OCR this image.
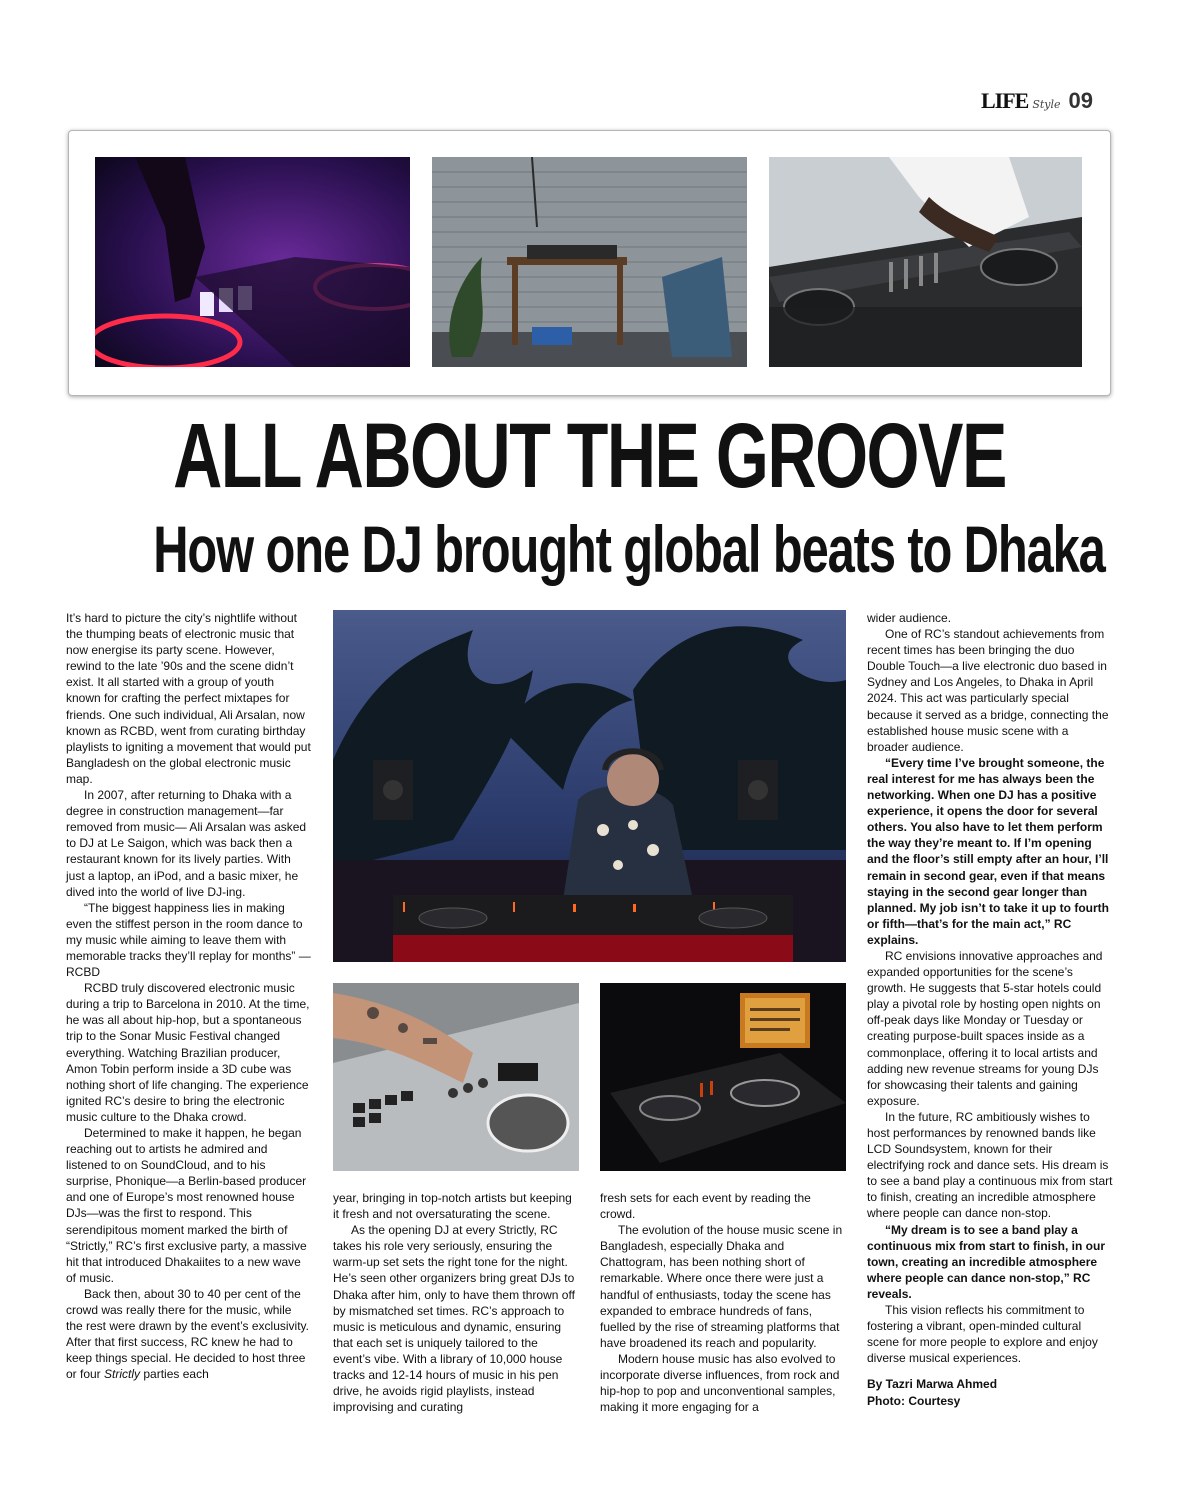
LIFE Style 09
ALL ABOUT THE GROOVE
How one DJ brought global beats to Dhaka

It’s hard to picture the city’s nightlife without the thumping beats of electronic music that now energise its party scene. However, rewind to the late ’90s and the scene didn’t exist. It all started with a group of youth known for crafting the perfect mixtapes for friends. One such individual, Ali Arsalan, now known as RCBD, went from curating birthday playlists to igniting a movement that would put Bangladesh on the global electronic music map.

In 2007, after returning to Dhaka with a degree in construction management—far removed from music— Ali Arsalan was asked to DJ at Le Saigon, which was back then a restaurant known for its lively parties. With just a laptop, an iPod, and a basic mixer, he dived into the world of live DJ-ing.

“The biggest happiness lies in making even the stiffest person in the room dance to my music while aiming to leave them with memorable tracks they’ll replay for months” — RCBD

RCBD truly discovered electronic music during a trip to Barcelona in 2010. At the time, he was all about hip-hop, but a spontaneous trip to the Sonar Music Festival changed everything. Watching Brazilian producer, Amon Tobin perform inside a 3D cube was nothing short of life changing. The experience ignited RC’s desire to bring the electronic music culture to the Dhaka crowd.

Determined to make it happen, he began reaching out to artists he admired and listened to on SoundCloud, and to his surprise, Phonique—a Berlin-based producer and one of Europe’s most renowned house DJs—was the first to respond. This serendipitous moment marked the birth of “Strictly,” RC’s first exclusive party, a massive hit that introduced Dhakaiites to a new wave of music.

Back then, about 30 to 40 per cent of the crowd was really there for the music, while the rest were drawn by the event’s exclusivity. After that first success, RC knew he had to keep things special. He decided to host three or four Strictly parties each

year, bringing in top-notch artists but keeping it fresh and not oversaturating the scene.

As the opening DJ at every Strictly, RC takes his role very seriously, ensuring the warm-up set sets the right tone for the night. He’s seen other organizers bring great DJs to Dhaka after him, only to have them thrown off by mismatched set times. RC’s approach to music is meticulous and dynamic, ensuring that each set is uniquely tailored to the event’s vibe. With a library of 10,000 house tracks and 12-14 hours of music in his pen drive, he avoids rigid playlists, instead improvising and curating

fresh sets for each event by reading the crowd.

The evolution of the house music scene in Bangladesh, especially Dhaka and Chattogram, has been nothing short of remarkable. Where once there were just a handful of enthusiasts, today the scene has expanded to embrace hundreds of fans, fuelled by the rise of streaming platforms that have broadened its reach and popularity.

Modern house music has also evolved to incorporate diverse influences, from rock and hip-hop to pop and unconventional samples, making it more engaging for a

wider audience.

One of RC’s standout achievements from recent times has been bringing the duo Double Touch—a live electronic duo based in Sydney and Los Angeles, to Dhaka in April 2024. This act was particularly special because it served as a bridge, connecting the established house music scene with a broader audience.

“Every time I’ve brought someone, the real interest for me has always been the networking. When one DJ has a positive experience, it opens the door for several others. You also have to let them perform the way they’re meant to. If I’m opening and the floor’s still empty after an hour, I’ll remain in second gear, even if that means staying in the second gear longer than planned. My job isn’t to take it up to fourth or fifth—that’s for the main act,” RC explains.

RC envisions innovative approaches and expanded opportunities for the scene’s growth. He suggests that 5-star hotels could play a pivotal role by hosting open nights on off-peak days like Monday or Tuesday or creating purpose-built spaces inside as a commonplace, offering it to local artists and adding new revenue streams for young DJs for showcasing their talents and gaining exposure.

In the future, RC ambitiously wishes to host performances by renowned bands like LCD Soundsystem, known for their electrifying rock and dance sets. His dream is to see a band play a continuous mix from start to finish, creating an incredible atmosphere where people can dance non-stop.

“My dream is to see a band play a continuous mix from start to finish, in our town, creating an incredible atmosphere where people can dance non-stop,” RC reveals.

This vision reflects his commitment to fostering a vibrant, open-minded cultural scene for more people to explore and enjoy diverse musical experiences.

By Tazri Marwa Ahmed
Photo: Courtesy
